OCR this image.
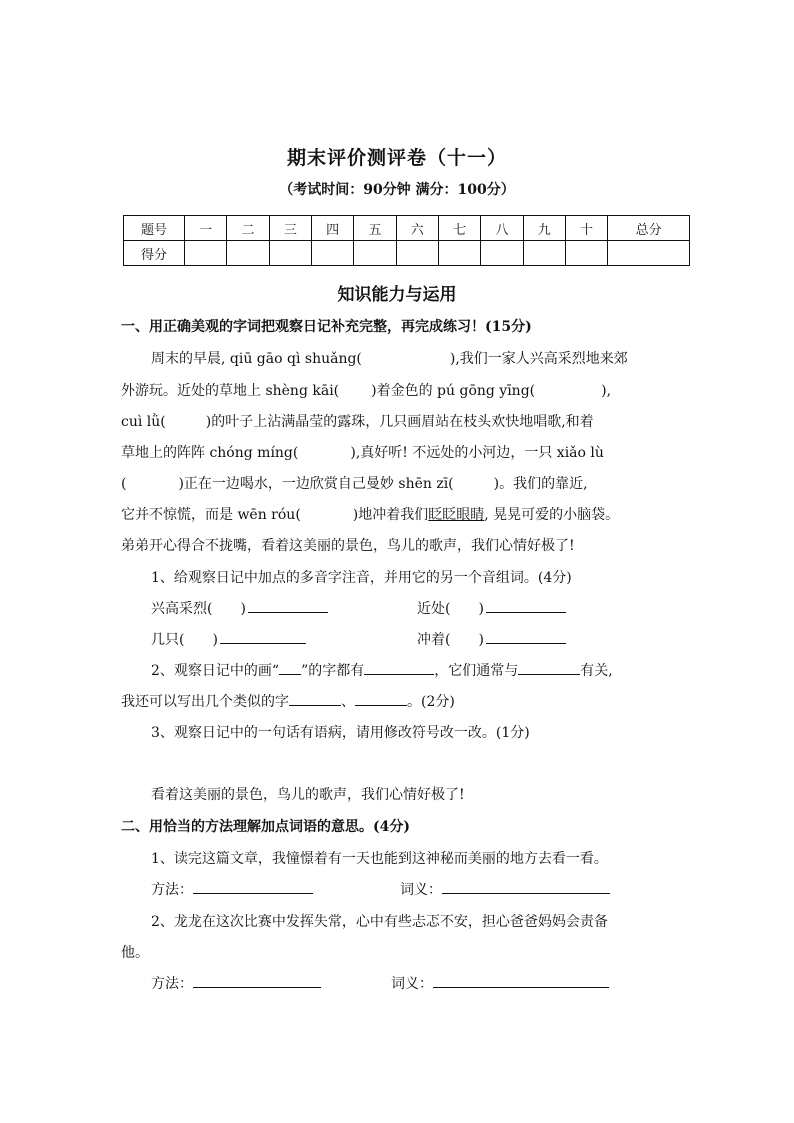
期末评价测评卷（十一）
（考试时间：90分钟 满分：100分）
题号	一	二	三	四	五	六	七	八	九	十	总分
得分											
知识能力与运用
一、用正确美观的字词把观察日记补充完整，再完成练习！(15分)
周末的早晨, qiū gāo qì shuǎng(	),我们一家人兴高采烈地来郊
外游玩。近处的草地上 shèng kāi( )着金色的 pú gōng yīng(	),
cuì lǜ(	)的叶子上沾满晶莹的露珠，几只画眉站在枝头欢快地唱歌,和着
草地上的阵阵 chóng míng(	),真好听! 不远处的小河边，一只 xiǎo lù
(	)正在一边喝水，一边欣赏自己曼妙 shēn zī(	)。我们的靠近,
它并不惊慌，而是 wēn róu(	)地冲着我们眨眨眼睛, 晃晃可爱的小脑袋。
弟弟开心得合不拢嘴，看着这美丽的景色，鸟儿的歌声，我们心情好极了!
1、给观察日记中加点的多音字注音，并用它的另一个音组词。(4分)
兴高采烈( )	近处( )
几只( )	冲着( )
2、观察日记中的画“ ”的字都有	，它们通常与	有关,
我还可以写出几个类似的字	、	。(2分)
3、观察日记中的一句话有语病，请用修改符号改一改。(1分)
看着这美丽的景色，鸟儿的歌声，我们心情好极了!
二、用恰当的方法理解加点词语的意思。(4分)
1、读完这篇文章，我憧憬着有一天也能到这神秘而美丽的地方去看一看。
方法：	词义：
2、龙龙在这次比赛中发挥失常，心中有些忐忑不安，担心爸爸妈妈会责备
他。
方法：	词义：
